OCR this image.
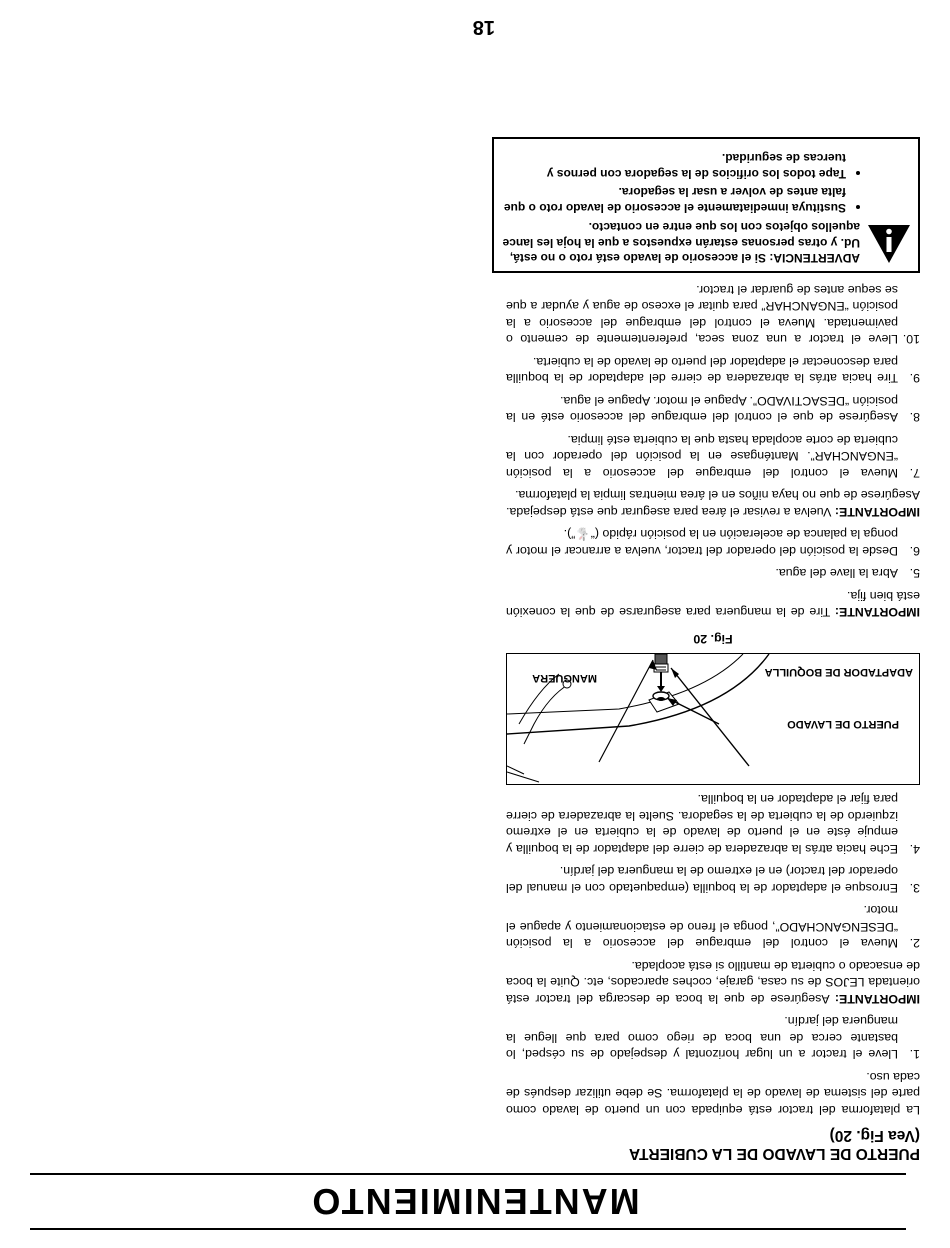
MANTENIMIENTO
PUERTO DE LAVADO DE LA CUBIERTA
(Vea Fig. 20)

La plataforma del tractor está equipada con un puerto de lavado como parte del sistema de lavado de la plataforma. Se debe utilizar después de cada uso.

1.
Lleve el tractor a un lugar horizontal y despejado de su césped, lo bastante cerca de una boca de riego como para que llegue la manguera del jardín.

IMPORTANTE: Asegúrese de que la boca de descarga del tractor está orientada LEJOS de su casa, garaje, coches aparcados, etc. Quite la boca de ensacado o cubierta de mantillo si está acoplada.

2.
Mueva el control del embrague del accesorio a la posición “DESENGANCHADO”, ponga el freno de estacionamiento y apague el motor.
3.
Enrosque el adaptador de la boquilla (empaquetado con el manual del operador del tractor) en el extremo de la manguera del jardín.
4.
Eche hacia atrás la abrazadera de cierre del adaptador de la boquilla y empuje éste en el puerto de lavado de la cubierta en el extremo izquierdo de la cubierta de la segadora. Suelte la abrazadera de cierre para fijar el adaptador en la boquilla.
ADAPTADOR DE BOQUILLA
MANGUERA
PUERTO DE LAVADO
Fig. 20

IMPORTANTE: Tire de la manguera para asegurarse de que la conexión está bien fija.

5.
Abra la llave del agua.
6.
Desde la posición del operador del tractor, vuelva a arrancar el motor y ponga la palanca de aceleración en la posición rápido (“🐇”).

IMPORTANTE: Vuelva a revisar el área para asegurar que está despejada. Asegúrese de que no haya niños en el área mientras limpia la plataforma.

7.
Mueva el control del embrague del accesorio a la posición “ENGANCHAR”. Manténgase en la posición del operador con la cubierta de corte acoplada hasta que la cubierta esté limpia.
8.
Asegúrese de que el control del embrague del accesorio esté en la posición “DESACTIVADO”. Apague el motor. Apague el agua.
9.
Tire hacia atrás la abrazadera de cierre del adaptador de la boquilla para desconectar el adaptador del puerto de lavado de la cubierta.
10.
Lleve el tractor a una zona seca, preferentemente de cemento o pavimentada. Mueva el control del embrague del accesorio a la posición “ENGANCHAR” para quitar el exceso de agua y ayudar a que se seque antes de guardar el tractor.
ADVERTENCIA: Si el accesorio de lavado está roto o no está, Ud. y otras personas estarán expuestos a que la hoja les lance aquellos objetos con los que entre en contacto.
• Sustituya inmediatamente el accesorio de lavado roto o que falta antes de volver a usar la segadora.
• Tape todos los orificios de la segadora con pernos y tuercas de seguridad.
18
